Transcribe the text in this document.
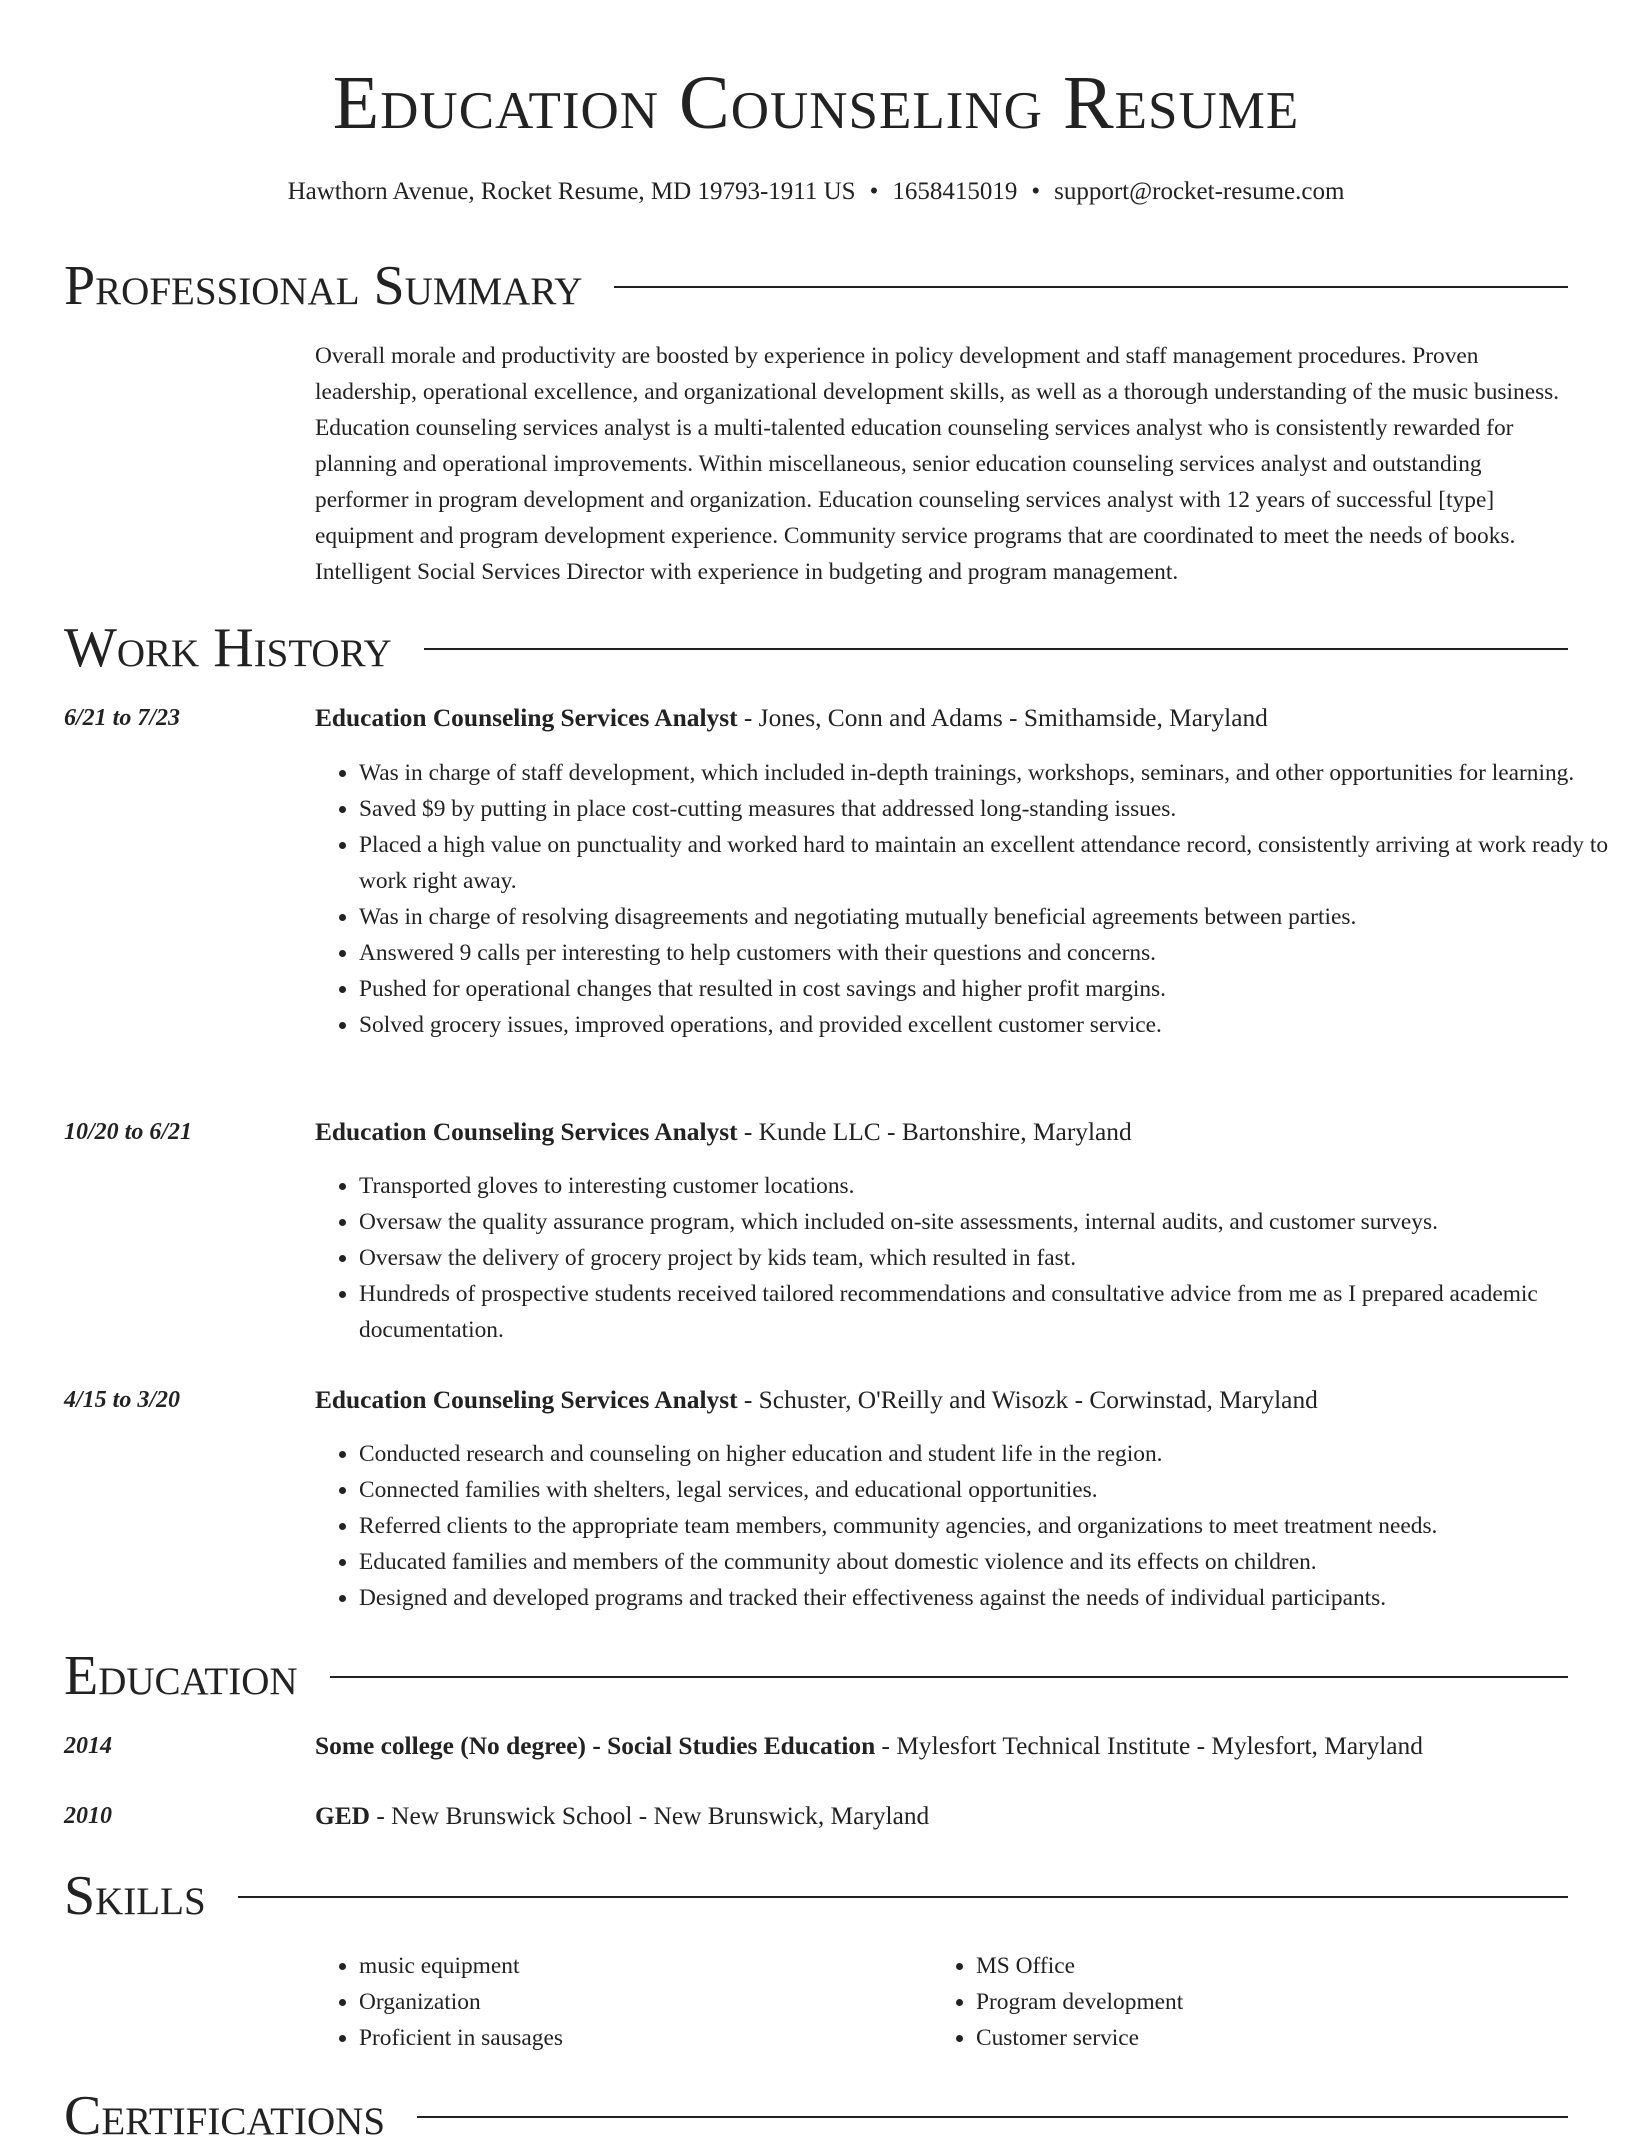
Education Counseling Resume
Hawthorn Avenue, Rocket Resume, MD 19793-1911 US • 1658415019 • support@rocket-resume.com
Professional Summary

Overall morale and productivity are boosted by experience in policy development and staff management procedures. Proven leadership, operational excellence, and organizational development skills, as well as a thorough understanding of the music business. Education counseling services analyst is a multi-talented education counseling services analyst who is consistently rewarded for planning and operational improvements. Within miscellaneous, senior education counseling services analyst and outstanding performer in program development and organization. Education counseling services analyst with 12 years of successful [type] equipment and program development experience. Community service programs that are coordinated to meet the needs of books. Intelligent Social Services Director with experience in budgeting and program management.

Work History
6/21 to 7/23	Education Counseling Services Analyst - Jones, Conn and Adams - Smithamside, Maryland
• Was in charge of staff development, which included in-depth trainings, workshops, seminars, and other opportunities for learning.
• Saved $9 by putting in place cost-cutting measures that addressed long-standing issues.
• Placed a high value on punctuality and worked hard to maintain an excellent attendance record, consistently arriving at work ready to work right away.
• Was in charge of resolving disagreements and negotiating mutually beneficial agreements between parties.
• Answered 9 calls per interesting to help customers with their questions and concerns.
• Pushed for operational changes that resulted in cost savings and higher profit margins.
• Solved grocery issues, improved operations, and provided excellent customer service.
10/20 to 6/21	Education Counseling Services Analyst - Kunde LLC - Bartonshire, Maryland
• Transported gloves to interesting customer locations.
• Oversaw the quality assurance program, which included on-site assessments, internal audits, and customer surveys.
• Oversaw the delivery of grocery project by kids team, which resulted in fast.
• Hundreds of prospective students received tailored recommendations and consultative advice from me as I prepared academic documentation.
4/15 to 3/20	Education Counseling Services Analyst - Schuster, O'Reilly and Wisozk - Corwinstad, Maryland
• Conducted research and counseling on higher education and student life in the region.
• Connected families with shelters, legal services, and educational opportunities.
• Referred clients to the appropriate team members, community agencies, and organizations to meet treatment needs.
• Educated families and members of the community about domestic violence and its effects on children.
• Designed and developed programs and tracked their effectiveness against the needs of individual participants.
Education
2014	Some college (No degree) - Social Studies Education - Mylesfort Technical Institute - Mylesfort, Maryland
2010	GED - New Brunswick School - New Brunswick, Maryland
Skills
• music equipment
• Organization
• Proficient in sausages
• MS Office
• Program development
• Customer service
Certifications
